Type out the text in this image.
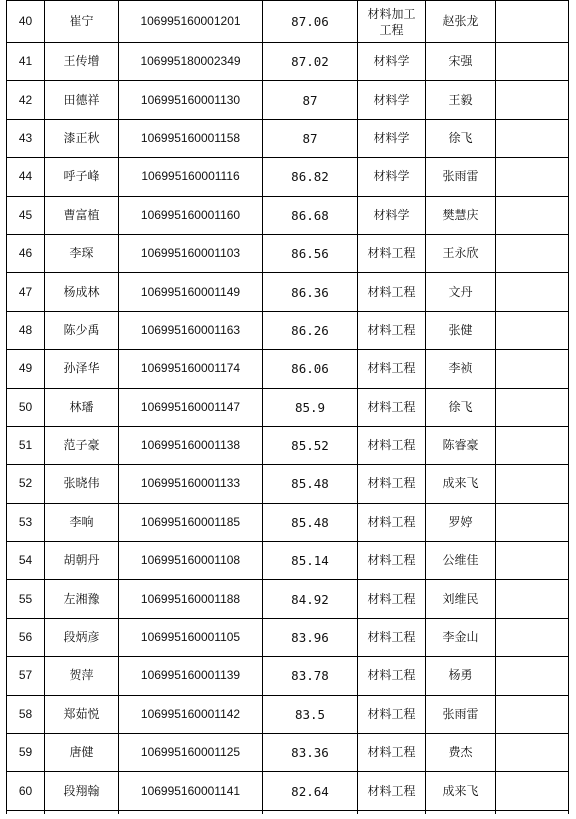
40	崔宁	106995160001201	87.06	材料加工工程	赵张龙	
41	王传增	106995180002349	87.02	材料学	宋强	
42	田德祥	106995160001130	87	材料学	王毅	
43	漆正秋	106995160001158	87	材料学	徐飞	
44	呼子峰	106995160001116	86.82	材料学	张雨雷	
45	曹富植	106995160001160	86.68	材料学	樊慧庆	
46	李琛	106995160001103	86.56	材料工程	王永欣	
47	杨成林	106995160001149	86.36	材料工程	文丹	
48	陈少禹	106995160001163	86.26	材料工程	张健	
49	孙泽华	106995160001174	86.06	材料工程	李祯	
50	林璠	106995160001147	85.9	材料工程	徐飞	
51	范子豪	106995160001138	85.52	材料工程	陈睿豪	
52	张晓伟	106995160001133	85.48	材料工程	成来飞	
53	李响	106995160001185	85.48	材料工程	罗婷	
54	胡朝丹	106995160001108	85.14	材料工程	公维佳	
55	左湘豫	106995160001188	84.92	材料工程	刘维民	
56	段炳彦	106995160001105	83.96	材料工程	李金山	
57	贺萍	106995160001139	83.78	材料工程	杨勇	
58	郑茹悦	106995160001142	83.5	材料工程	张雨雷	
59	唐健	106995160001125	83.36	材料工程	费杰	
60	段翔翰	106995160001141	82.64	材料工程	成来飞	
